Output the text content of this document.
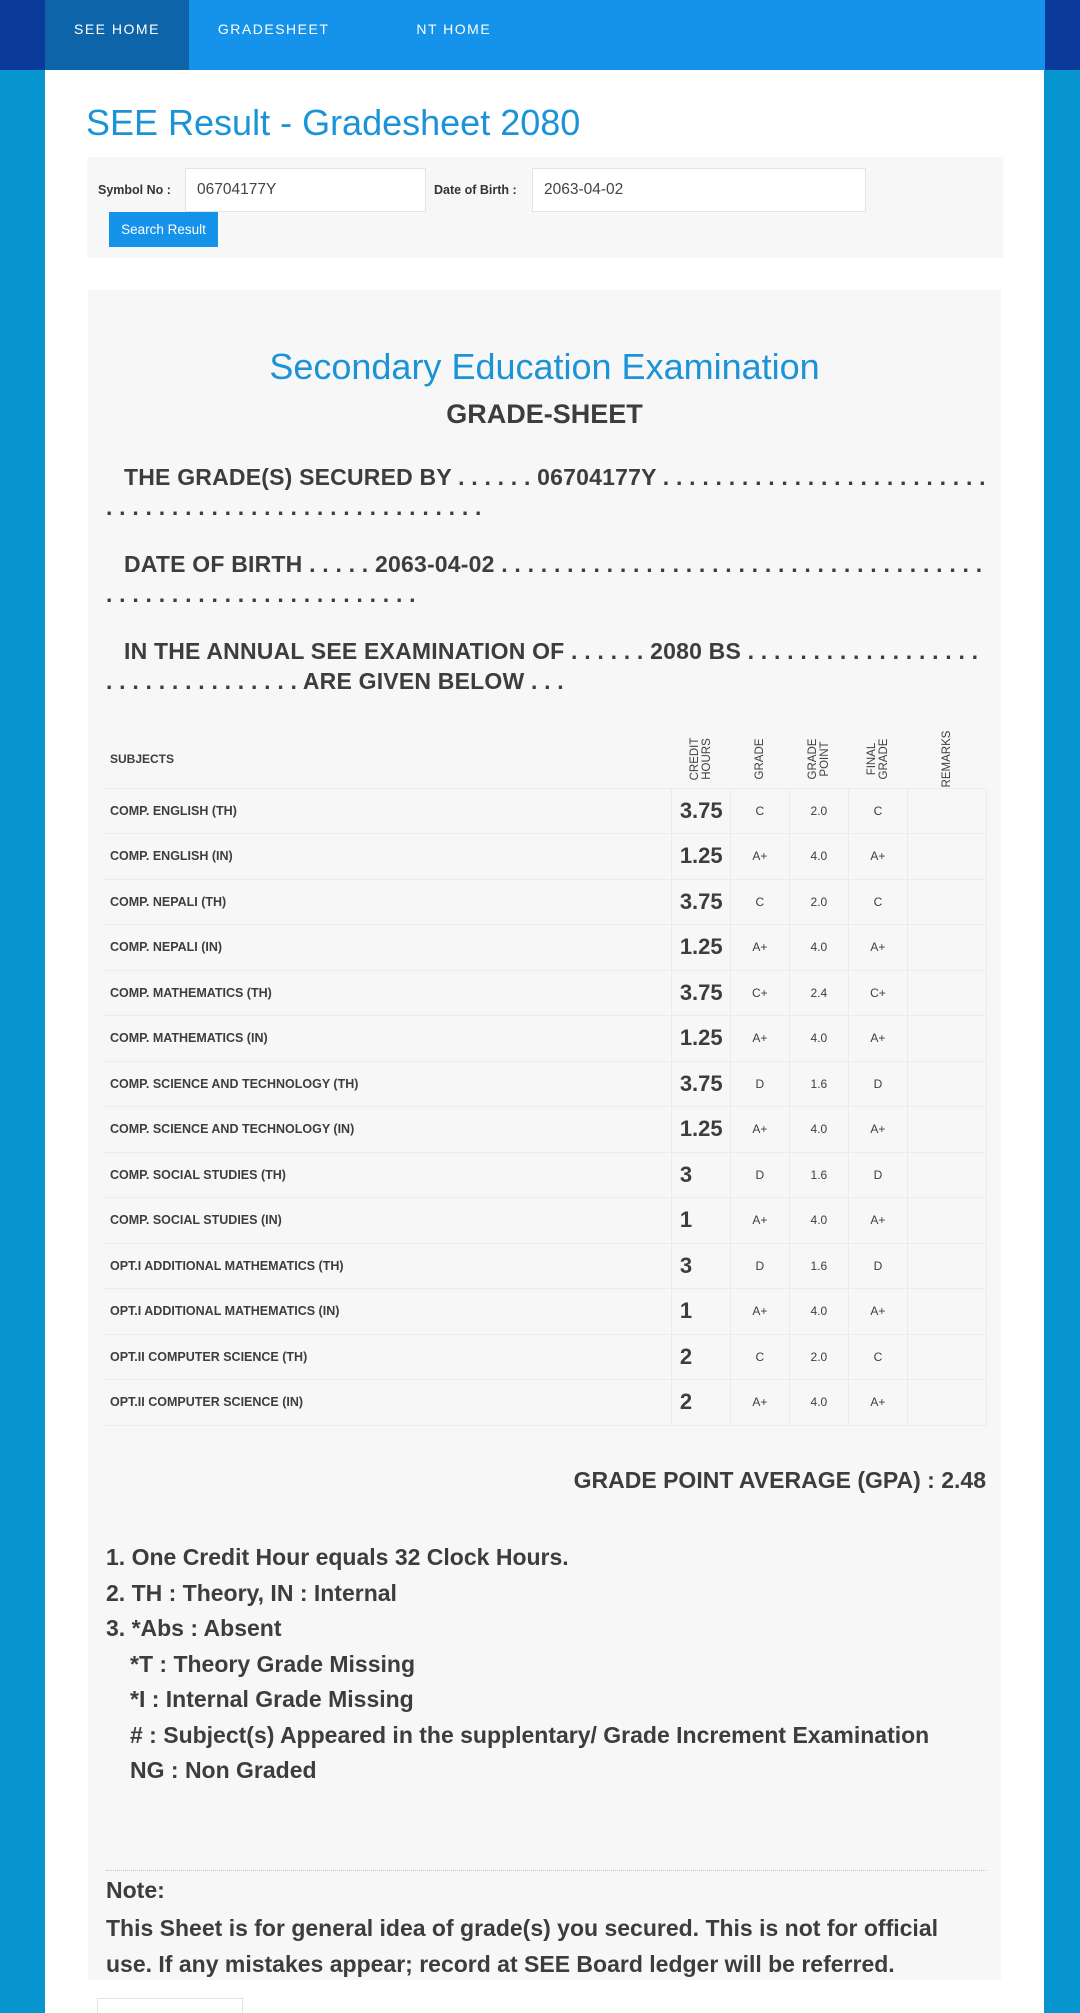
SEE HOME	GRADESHEET	NT HOME
SEE Result - Gradesheet 2080
Symbol No :	06704177Y	Date of Birth :	2063-04-02
Search Result
Secondary Education Examination
GRADE-SHEET
THE GRADE(S) SECURED BY . . . . . . 06704177Y . . . . . . . . . . . . . . . . . . . . . . . . . . . . . . . . . . . . . . . . . . . . . . . . . . . . . .
DATE OF BIRTH . . . . . 2063-04-02 . . . . . . . . . . . . . . . . . . . . . . . . . . . . . . . . . . . . . . . . . . . . . . . . . . . . . . . . . . . . .
IN THE ANNUAL SEE EXAMINATION OF . . . . . . 2080 BS . . . . . . . . . . . . . . . . . . . . . . . . . . . . . . . . . ARE GIVEN BELOW . . .
SUBJECTS	CREDIT HOURS	GRADE	GRADE POINT	FINAL GRADE	REMARKS

COMP. ENGLISH (TH)	3.75	C	2.0	C	
COMP. ENGLISH (IN)	1.25	A+	4.0	A+	
COMP. NEPALI (TH)	3.75	C	2.0	C	
COMP. NEPALI (IN)	1.25	A+	4.0	A+	
COMP. MATHEMATICS (TH)	3.75	C+	2.4	C+	
COMP. MATHEMATICS (IN)	1.25	A+	4.0	A+	
COMP. SCIENCE AND TECHNOLOGY (TH)	3.75	D	1.6	D	
COMP. SCIENCE AND TECHNOLOGY (IN)	1.25	A+	4.0	A+	
COMP. SOCIAL STUDIES (TH)	3	D	1.6	D	
COMP. SOCIAL STUDIES (IN)	1	A+	4.0	A+	
OPT.I ADDITIONAL MATHEMATICS (TH)	3	D	1.6	D	
OPT.I ADDITIONAL MATHEMATICS (IN)	1	A+	4.0	A+	
OPT.II COMPUTER SCIENCE (TH)	2	C	2.0	C	
OPT.II COMPUTER SCIENCE (IN)	2	A+	4.0	A+	
GRADE POINT AVERAGE (GPA) : 2.48
1. One Credit Hour equals 32 Clock Hours.
2. TH : Theory, IN : Internal
3. *Abs : Absent
*T : Theory Grade Missing
*I : Internal Grade Missing
# : Subject(s) Appeared in the supplentary/ Grade Increment Examination
NG : Non Graded
Note:
This Sheet is for general idea of grade(s) you secured. This is not for official use. If any mistakes appear; record at SEE Board ledger will be referred.
